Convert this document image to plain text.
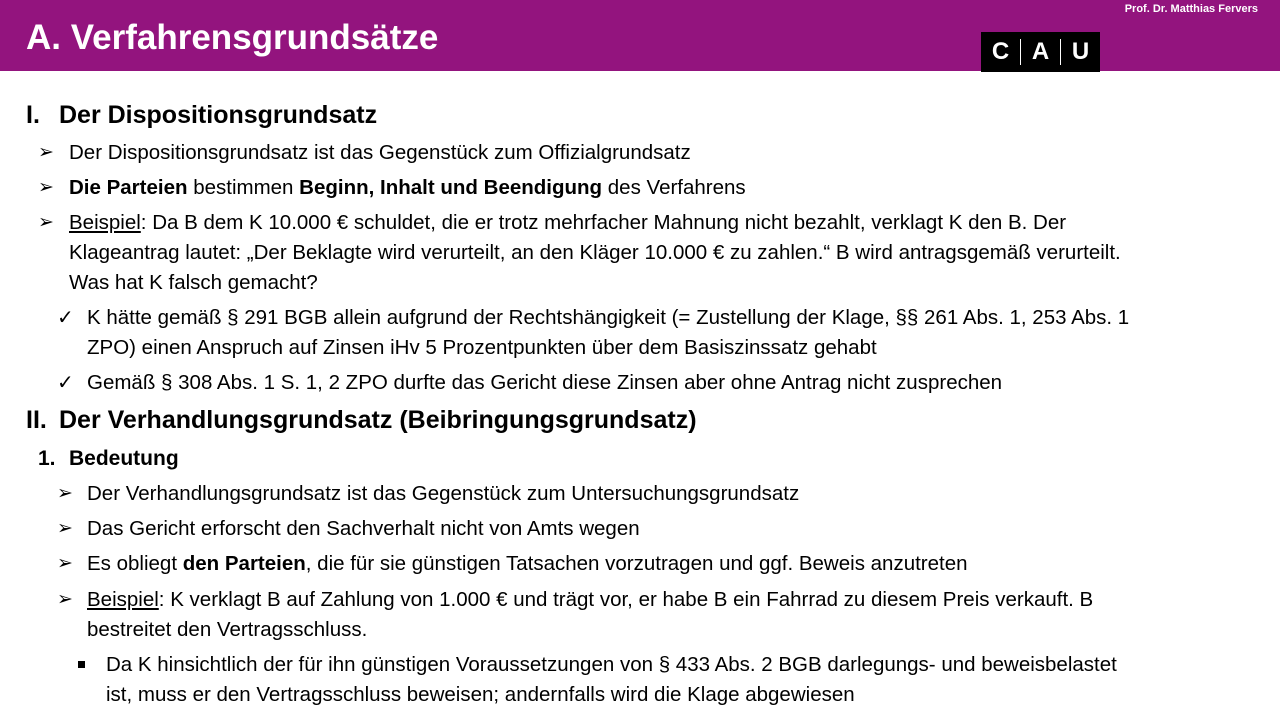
A. Verfahrensgrundsätze
Prof. Dr. Matthias Fervers
C A U
I. Der Dispositionsgrundsatz
➢ Der Dispositionsgrundsatz ist das Gegenstück zum Offizialgrundsatz
➢ Die Parteien bestimmen Beginn, Inhalt und Beendigung des Verfahrens
➢ Beispiel: Da B dem K 10.000 € schuldet, die er trotz mehrfacher Mahnung nicht bezahlt, verklagt K den B. Der
Klageantrag lautet: „Der Beklagte wird verurteilt, an den Kläger 10.000 € zu zahlen.“ B wird antragsgemäß verurteilt.
Was hat K falsch gemacht?
✓ K hätte gemäß § 291 BGB allein aufgrund der Rechtshängigkeit (= Zustellung der Klage, §§ 261 Abs. 1, 253 Abs. 1
ZPO) einen Anspruch auf Zinsen iHv 5 Prozentpunkten über dem Basiszinssatz gehabt
✓ Gemäß § 308 Abs. 1 S. 1, 2 ZPO durfte das Gericht diese Zinsen aber ohne Antrag nicht zusprechen
II. Der Verhandlungsgrundsatz (Beibringungsgrundsatz)
1. Bedeutung
➢ Der Verhandlungsgrundsatz ist das Gegenstück zum Untersuchungsgrundsatz
➢ Das Gericht erforscht den Sachverhalt nicht von Amts wegen
➢ Es obliegt den Parteien, die für sie günstigen Tatsachen vorzutragen und ggf. Beweis anzutreten
➢ Beispiel: K verklagt B auf Zahlung von 1.000 € und trägt vor, er habe B ein Fahrrad zu diesem Preis verkauft. B
bestreitet den Vertragsschluss.
Da K hinsichtlich der für ihn günstigen Voraussetzungen von § 433 Abs. 2 BGB darlegungs- und beweisbelastet
ist, muss er den Vertragsschluss beweisen; andernfalls wird die Klage abgewiesen
